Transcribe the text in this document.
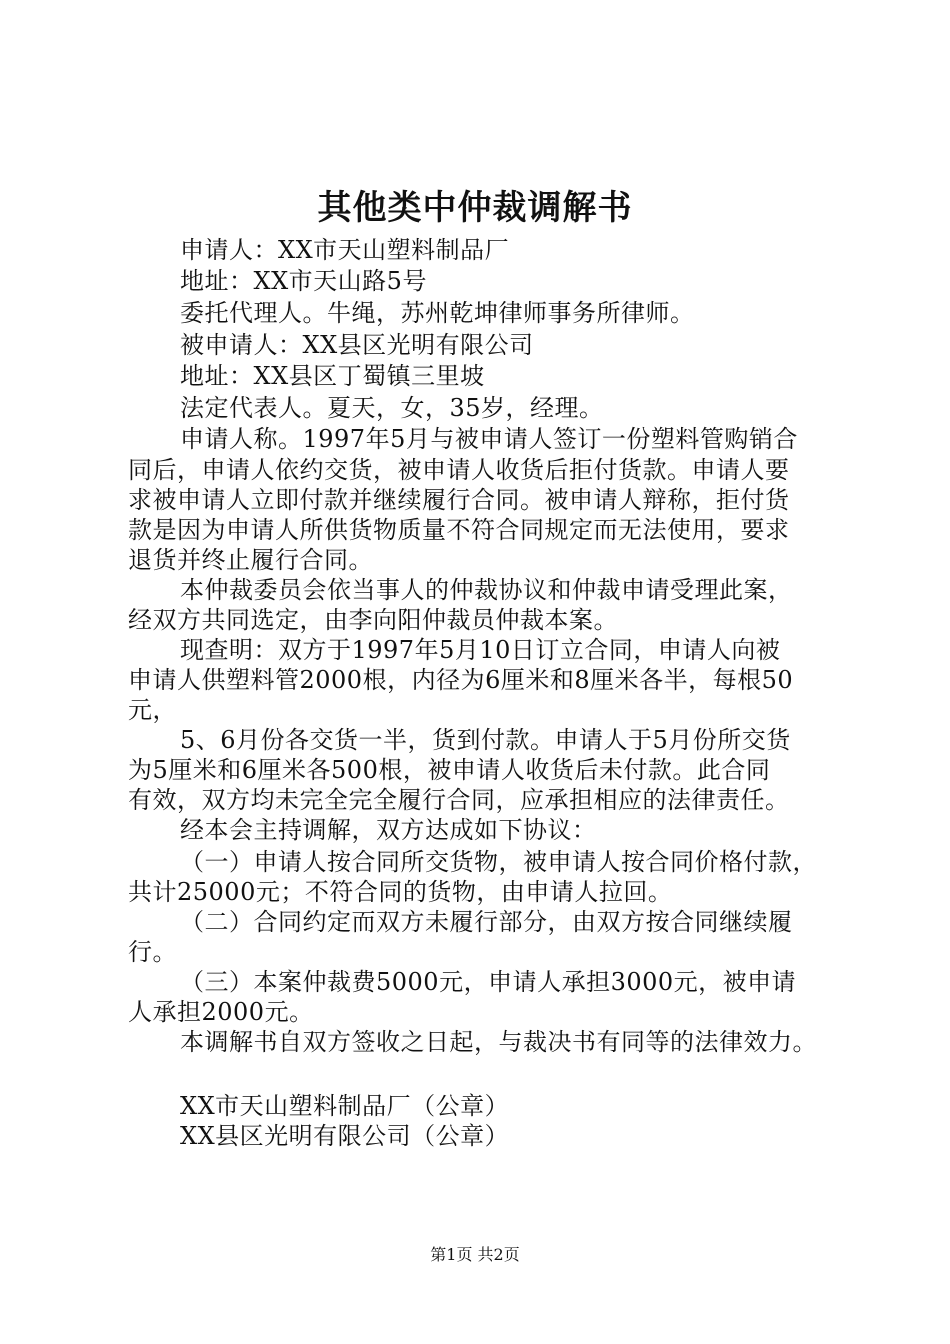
其他类中仲裁调解书
申请人：XX市天山塑料制品厂
地址：XX市天山路5号
委托代理人。牛绳，苏州乾坤律师事务所律师。
被申请人：XX县区光明有限公司
地址：XX县区丁蜀镇三里坡
法定代表人。夏天，女，35岁，经理。
申请人称。1997年5月与被申请人签订一份塑料管购销合
同后，申请人依约交货，被申请人收货后拒付货款。申请人要
求被申请人立即付款并继续履行合同。被申请人辩称，拒付货
款是因为申请人所供货物质量不符合同规定而无法使用，要求
退货并终止履行合同。
本仲裁委员会依当事人的仲裁协议和仲裁申请受理此案，
经双方共同选定，由李向阳仲裁员仲裁本案。
现查明：双方于1997年5月10日订立合同，申请人向被
申请人供塑料管2000根，内径为6厘米和8厘米各半，每根50
元，
5、6月份各交货一半，货到付款。申请人于5月份所交货
为5厘米和6厘米各500根，被申请人收货后未付款。此合同
有效，双方均未完全完全履行合同，应承担相应的法律责任。
经本会主持调解，双方达成如下协议：
（一）申请人按合同所交货物，被申请人按合同价格付款，
共计25000元；不符合同的货物，由申请人拉回。
（二）合同约定而双方未履行部分，由双方按合同继续履
行。
（三）本案仲裁费5000元，申请人承担3000元，被申请
人承担2000元。
本调解书自双方签收之日起，与裁决书有同等的法律效力。
XX市天山塑料制品厂（公章）
XX县区光明有限公司（公章）
第1页 共2页
